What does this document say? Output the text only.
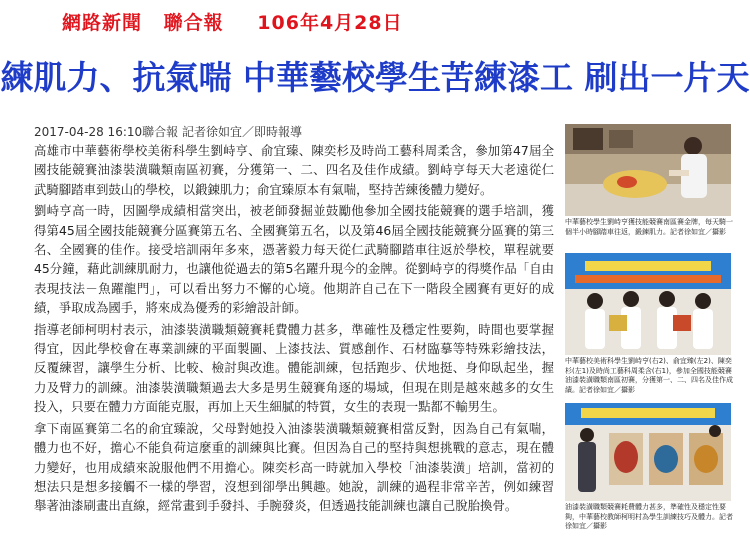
網路新聞 聯合報 106年4月28日
練肌力、抗氣喘 中華藝校學生苦練漆工 刷出一片天
2017-04-28 16:10聯合報 記者徐如宜／即時報導

高雄市中華藝術學校美術科學生劉峙亨、俞宜臻、陳奕杉及時尚工藝科周柔含，參加第47屆全國技能競賽油漆裝潢職類南區初賽，分獲第一、二、四名及佳作成績。劉峙亨每天大老遠從仁武騎腳踏車到鼓山的學校，以鍛錬肌力；俞宜臻原本有氣喘，堅持苦練後體力變好。

劉峙亨高一時，因圖學成績相當突出，被老師發掘並鼓勵他參加全國技能競賽的選手培訓，獲得第45屆全國技能競賽分區賽第五名、全國賽第五名，以及第46屆全國技能競賽分區賽的第三名、全國賽的佳作。接受培訓兩年多來，憑著毅力每天從仁武騎腳踏車往返於學校，單程就要45分鐘，藉此訓練肌耐力，也讓他從過去的第5名躍升現今的金牌。從劉峙亨的得獎作品「自由表現技法－魚躍龍門」，可以看出努力不懈的心境。他期許自己在下一階段全國賽有更好的成績，爭取成為國手，將來成為優秀的彩繪設計師。

指導老師柯明村表示，油漆裝潢職類競賽耗費體力甚多，準確性及穩定性要夠，時間也要掌握得宜，因此學校會在專業訓練的平面製圖、上漆技法、質感創作、石材臨摹等特殊彩繪技法，反覆練習，讓學生分析、比較、檢討與改進。體能訓練，包括跑步、伏地挺、身仰臥起坐，握力及臂力的訓練。油漆裝潢職類過去大多是男生競賽角逐的場域，但現在則是越來越多的女生投入，只要在體力方面能克服，再加上天生細膩的特質，女生的表現一點都不輸男生。

拿下南區賽第二名的俞宜臻說，父母對她投入油漆裝潢職類競賽相當反對，因為自己有氣喘，體力也不好，擔心不能負荷這麼重的訓練與比賽。但因為自己的堅持與想挑戰的意志，現在體力變好，也用成績來說服他們不用擔心。陳奕杉高一時就加入學校「油漆裝潢」培訓，當初的想法只是想多接觸不一樣的學習，沒想到卻學出興趣。她說，訓練的過程非常辛苦，例如練習舉著油漆刷畫出直線，經常畫到手發抖、手腕發炎，但透過技能訓練也讓自己脫胎換骨。

中華藝校學生劉峙亨獲技能競賽南區賽金牌，每天騎一個半小時腳踏車往返，鍛鍊肌力。記者徐如宜／攝影
中華藝校美術科學生劉峙亨(右2)、俞宜臻(左2)、陳奕杉(左1)及時尚工藝科周柔含(右1)，參加全國技能競賽油漆裝潢職類南區初賽，分獲第一、二、四名及佳作成績。記者徐如宜／攝影
油漆裝潢職類競賽耗費體力甚多，準確性及穩定性要夠，中華藝校教師柯明村為學生訓練技巧及體力。記者徐如宜／攝影
